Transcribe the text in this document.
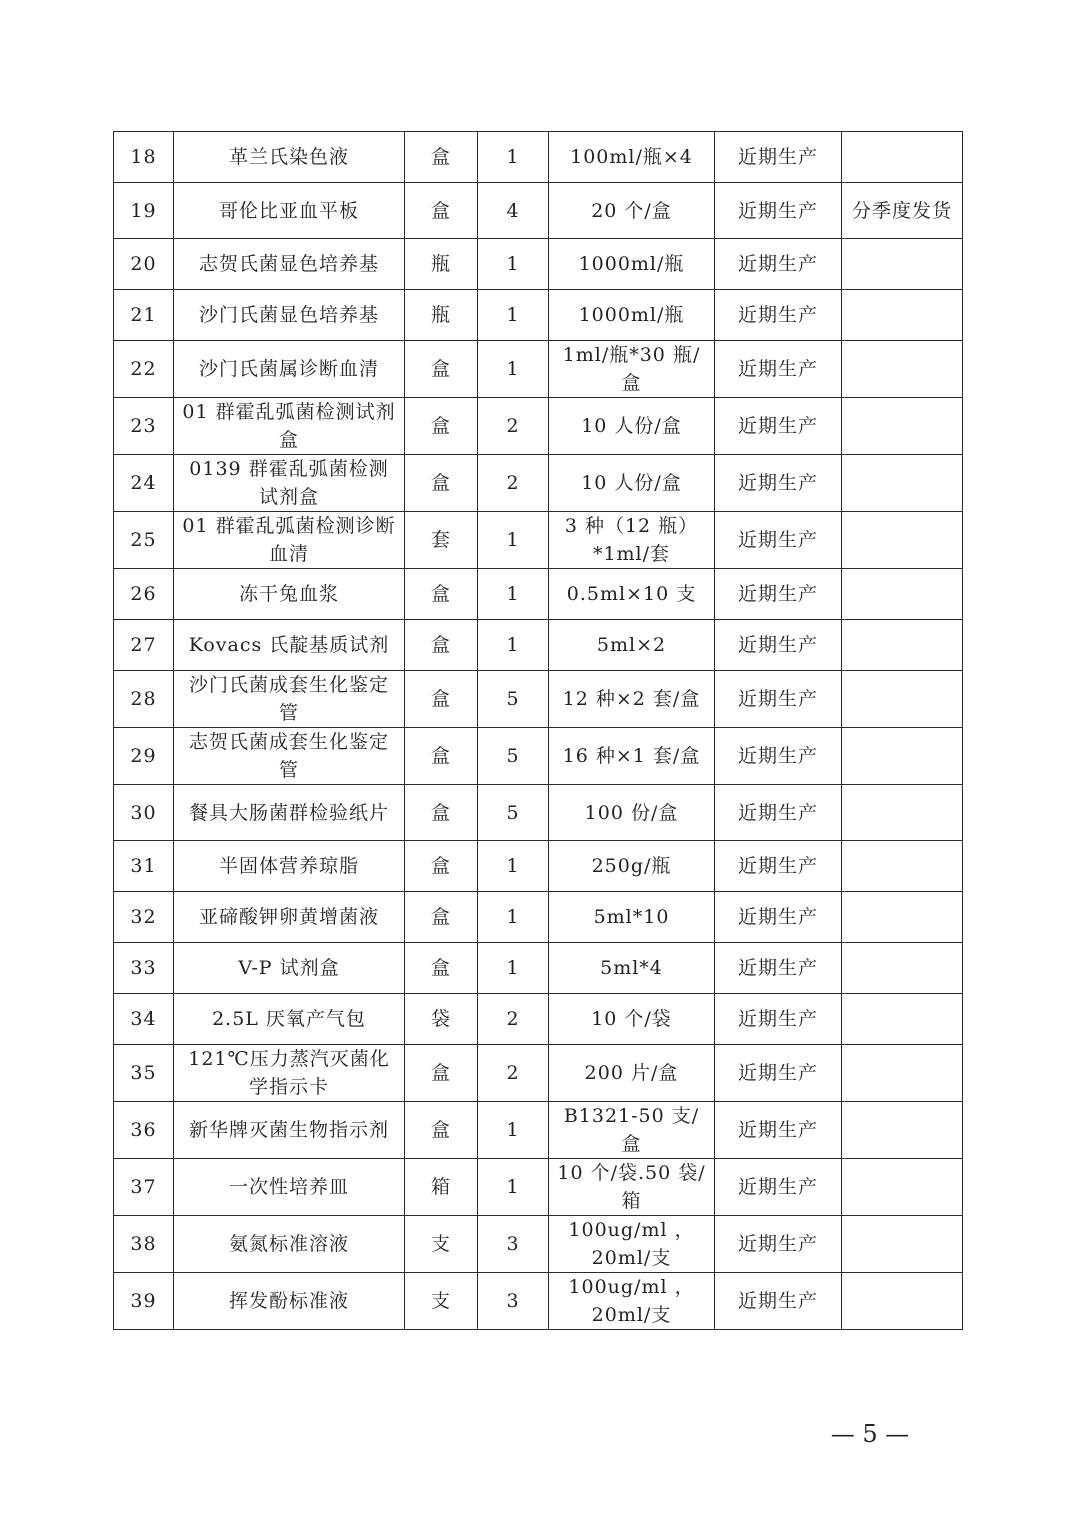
18	革兰氏染色液	盒	1	100ml/瓶×4	近期生产	
19	哥伦比亚血平板	盒	4	20 个/盒	近期生产	分季度发货
20	志贺氏菌显色培养基	瓶	1	1000ml/瓶	近期生产	
21	沙门氏菌显色培养基	瓶	1	1000ml/瓶	近期生产	
22	沙门氏菌属诊断血清	盒	1	1ml/瓶*30 瓶/盒	近期生产	
23	01 群霍乱弧菌检测试剂盒	盒	2	10 人份/盒	近期生产	
24	0139 群霍乱弧菌检测试剂盒	盒	2	10 人份/盒	近期生产	
25	01 群霍乱弧菌检测诊断血清	套	1	3 种（12 瓶）*1ml/套	近期生产	
26	冻干兔血浆	盒	1	0.5ml×10 支	近期生产	
27	Kovacs 氏靛基质试剂	盒	1	5ml×2	近期生产	
28	沙门氏菌成套生化鉴定管	盒	5	12 种×2 套/盒	近期生产	
29	志贺氏菌成套生化鉴定管	盒	5	16 种×1 套/盒	近期生产	
30	餐具大肠菌群检验纸片	盒	5	100 份/盒	近期生产	
31	半固体营养琼脂	盒	1	250g/瓶	近期生产	
32	亚碲酸钾卵黄增菌液	盒	1	5ml*10	近期生产	
33	V-P 试剂盒	盒	1	5ml*4	近期生产	
34	2.5L 厌氧产气包	袋	2	10 个/袋	近期生产	
35	121℃压力蒸汽灭菌化学指示卡	盒	2	200 片/盒	近期生产	
36	新华牌灭菌生物指示剂	盒	1	B1321-50 支/盒	近期生产	
37	一次性培养皿	箱	1	10 个/袋.50 袋/箱	近期生产	
38	氨氮标准溶液	支	3	100ug/ml ，20ml/支	近期生产	
39	挥发酚标准液	支	3	100ug/ml ，20ml/支	近期生产	
— 5 —
